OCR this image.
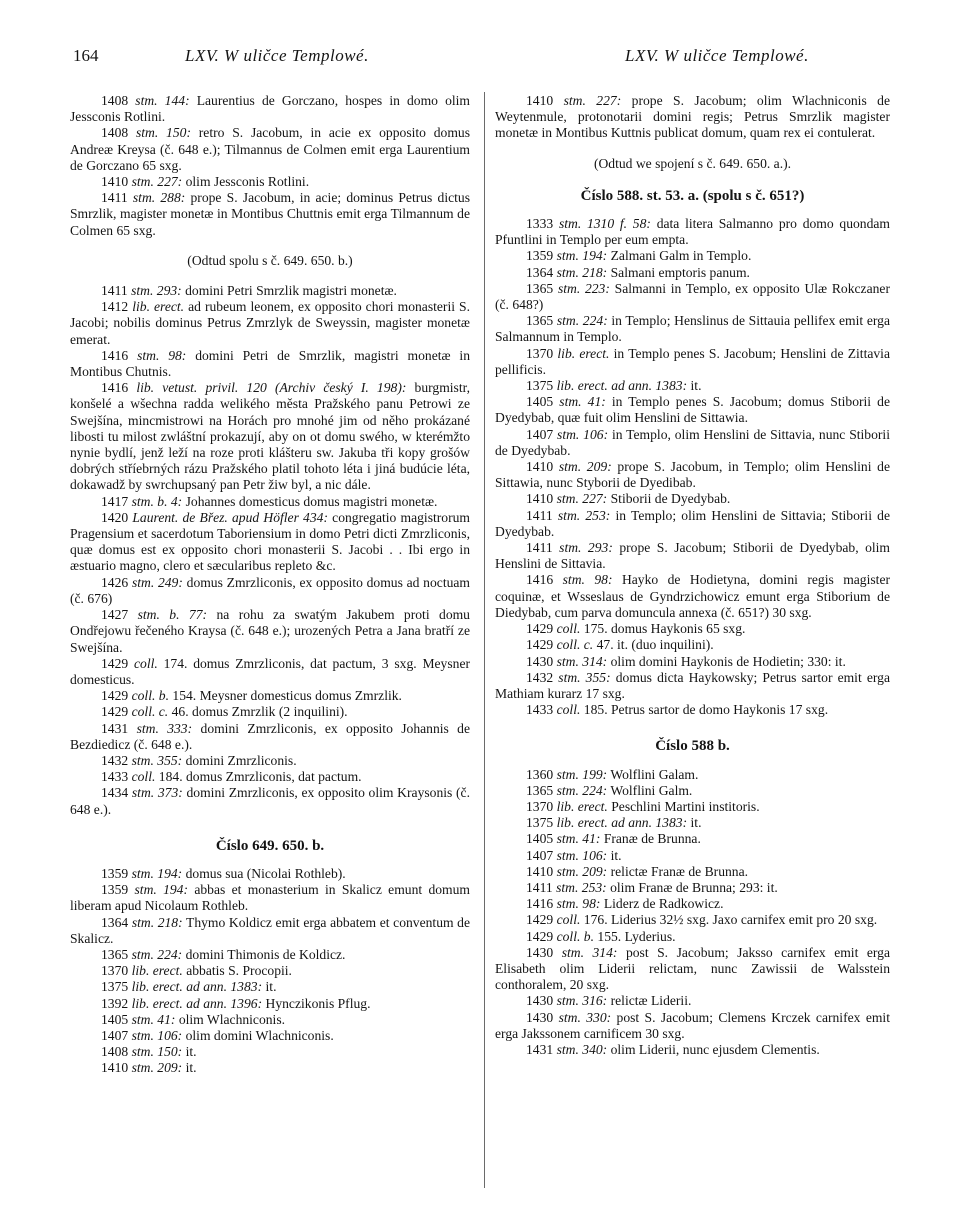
164	LXV. W uličce Templowé.	LXV. W uličce Templowé.

1408 stm. 144: Laurentius de Gorczano, hospes in domo olim Jessconis Rotlini.

1408 stm. 150: retro S. Jacobum, in acie ex opposito domus Andreæ Kreysa (č. 648 e.); Tilmannus de Colmen emit erga Laurentium de Gorczano 65 sxg.

1410 stm. 227: olim Jessconis Rotlini.

1411 stm. 288: prope S. Jacobum, in acie; dominus Petrus dictus Smrzlik, magister monetæ in Montibus Chuttnis emit erga Tilmannum de Colmen 65 sxg.

(Odtud spolu s č. 649. 650. b.)

1411 stm. 293: domini Petri Smrzlik magistri monetæ.

1412 lib. erect. ad rubeum leonem, ex opposito chori monasterii S. Jacobi; nobilis dominus Petrus Zmrzlyk de Sweyssin, magister monetæ emerat.

1416 stm. 98: domini Petri de Smrzlik, magistri monetæ in Montibus Chutnis.

1416 lib. vetust. privil. 120 (Archiv český I. 198): burgmistr, konšelé a wšechna radda welikého města Pražského panu Petrowi ze Swejšína, mincmistrowi na Horách pro mnohé jim od něho prokázané libosti tu milost zwláštní prokazují, aby on ot domu swého, w kterémžto nynie bydlí, jenž leží na roze proti klášteru sw. Jakuba tři kopy grošów dobrých stříebrných rázu Pražského platil tohoto léta i jiná budúcie léta, dokawadž by swrchupsaný pan Petr žiw byl, a nic dále.

1417 stm. b. 4: Johannes domesticus domus magistri monetæ.

1420 Laurent. de Břez. apud Höfler 434: congregatio magistrorum Pragensium et sacerdotum Taboriensium in domo Petri dicti Zmrzliconis, quæ domus est ex opposito chori monasterii S. Jacobi . . Ibi ergo in æstuario magno, clero et sæcularibus repleto &c.

1426 stm. 249: domus Zmrzliconis, ex opposito domus ad noctuam (č. 676)

1427 stm. b. 77: na rohu za swatým Jakubem proti domu Ondřejowu řečeného Kraysa (č. 648 e.); urozených Petra a Jana bratří ze Swejšína.

1429 coll. 174. domus Zmrzliconis, dat pactum, 3 sxg. Meysner domesticus.

1429 coll. b. 154. Meysner domesticus domus Zmrzlik.

1429 coll. c. 46. domus Zmrzlik (2 inquilini).

1431 stm. 333: domini Zmrzliconis, ex opposito Johannis de Bezdiedicz (č. 648 e.).

1432 stm. 355: domini Zmrzliconis.

1433 coll. 184. domus Zmrzliconis, dat pactum.

1434 stm. 373: domini Zmrzliconis, ex opposito olim Kraysonis (č. 648 e.).

Číslo 649. 650. b.

1359 stm. 194: domus sua (Nicolai Rothleb).

1359 stm. 194: abbas et monasterium in Skalicz emunt domum liberam apud Nicolaum Rothleb.

1364 stm. 218: Thymo Koldicz emit erga abbatem et conventum de Skalicz.

1365 stm. 224: domini Thimonis de Koldicz.

1370 lib. erect. abbatis S. Procopii.

1375 lib. erect. ad ann. 1383: it.

1392 lib. erect. ad ann. 1396: Hynczikonis Pflug.

1405 stm. 41: olim Wlachniconis.

1407 stm. 106: olim domini Wlachniconis.

1408 stm. 150: it.

1410 stm. 209: it.

1410 stm. 227: prope S. Jacobum; olim Wlachniconis de Weytenmule, protonotarii domini regis; Petrus Smrzlik magister monetæ in Montibus Kuttnis publicat domum, quam rex ei contulerat.

(Odtud we spojení s č. 649. 650. a.).

Číslo 588. st. 53. a. (spolu s č. 651?)

1333 stm. 1310 f. 58: data litera Salmanno pro domo quondam Pfuntlini in Templo per eum empta.

1359 stm. 194: Zalmani Galm in Templo.

1364 stm. 218: Salmani emptoris panum.

1365 stm. 223: Salmanni in Templo, ex opposito Ulæ Rokczaner (č. 648?)

1365 stm. 224: in Templo; Henslinus de Sittauia pellifex emit erga Salmannum in Templo.

1370 lib. erect. in Templo penes S. Jacobum; Henslini de Zittavia pellificis.

1375 lib. erect. ad ann. 1383: it.

1405 stm. 41: in Templo penes S. Jacobum; domus Stiborii de Dyedybab, quæ fuit olim Henslini de Sittawia.

1407 stm. 106: in Templo, olim Henslini de Sittavia, nunc Stiborii de Dyedybab.

1410 stm. 209: prope S. Jacobum, in Templo; olim Henslini de Sittawia, nunc Styborii de Dyedibab.

1410 stm. 227: Stiborii de Dyedybab.

1411 stm. 253: in Templo; olim Henslini de Sittavia; Stiborii de Dyedybab.

1411 stm. 293: prope S. Jacobum; Stiborii de Dyedybab, olim Henslini de Sittavia.

1416 stm. 98: Hayko de Hodietyna, domini regis magister coquinæ, et Wsseslaus de Gyndrzichowicz emunt erga Stiborium de Diedybab, cum parva domuncula annexa (č. 651?) 30 sxg.

1429 coll. 175. domus Haykonis 65 sxg.

1429 coll. c. 47. it. (duo inquilini).

1430 stm. 314: olim domini Haykonis de Hodietin; 330: it.

1432 stm. 355: domus dicta Haykowsky; Petrus sartor emit erga Mathiam kurarz 17 sxg.

1433 coll. 185. Petrus sartor de domo Haykonis 17 sxg.

Číslo 588 b.

1360 stm. 199: Wolflini Galam.

1365 stm. 224: Wolflini Galm.

1370 lib. erect. Peschlini Martini institoris.

1375 lib. erect. ad ann. 1383: it.

1405 stm. 41: Franæ de Brunna.

1407 stm. 106: it.

1410 stm. 209: relictæ Franæ de Brunna.

1411 stm. 253: olim Franæ de Brunna; 293: it.

1416 stm. 98: Liderz de Radkowicz.

1429 coll. 176. Liderius 32½ sxg. Jaxo carnifex emit pro 20 sxg.

1429 coll. b. 155. Lyderius.

1430 stm. 314: post S. Jacobum; Jaksso carnifex emit erga Elisabeth olim Liderii relictam, nunc Zawissii de Walsstein conthoralem, 20 sxg.

1430 stm. 316: relictæ Liderii.

1430 stm. 330: post S. Jacobum; Clemens Krczek carnifex emit erga Jakssonem carnificem 30 sxg.

1431 stm. 340: olim Liderii, nunc ejusdem Clementis.
